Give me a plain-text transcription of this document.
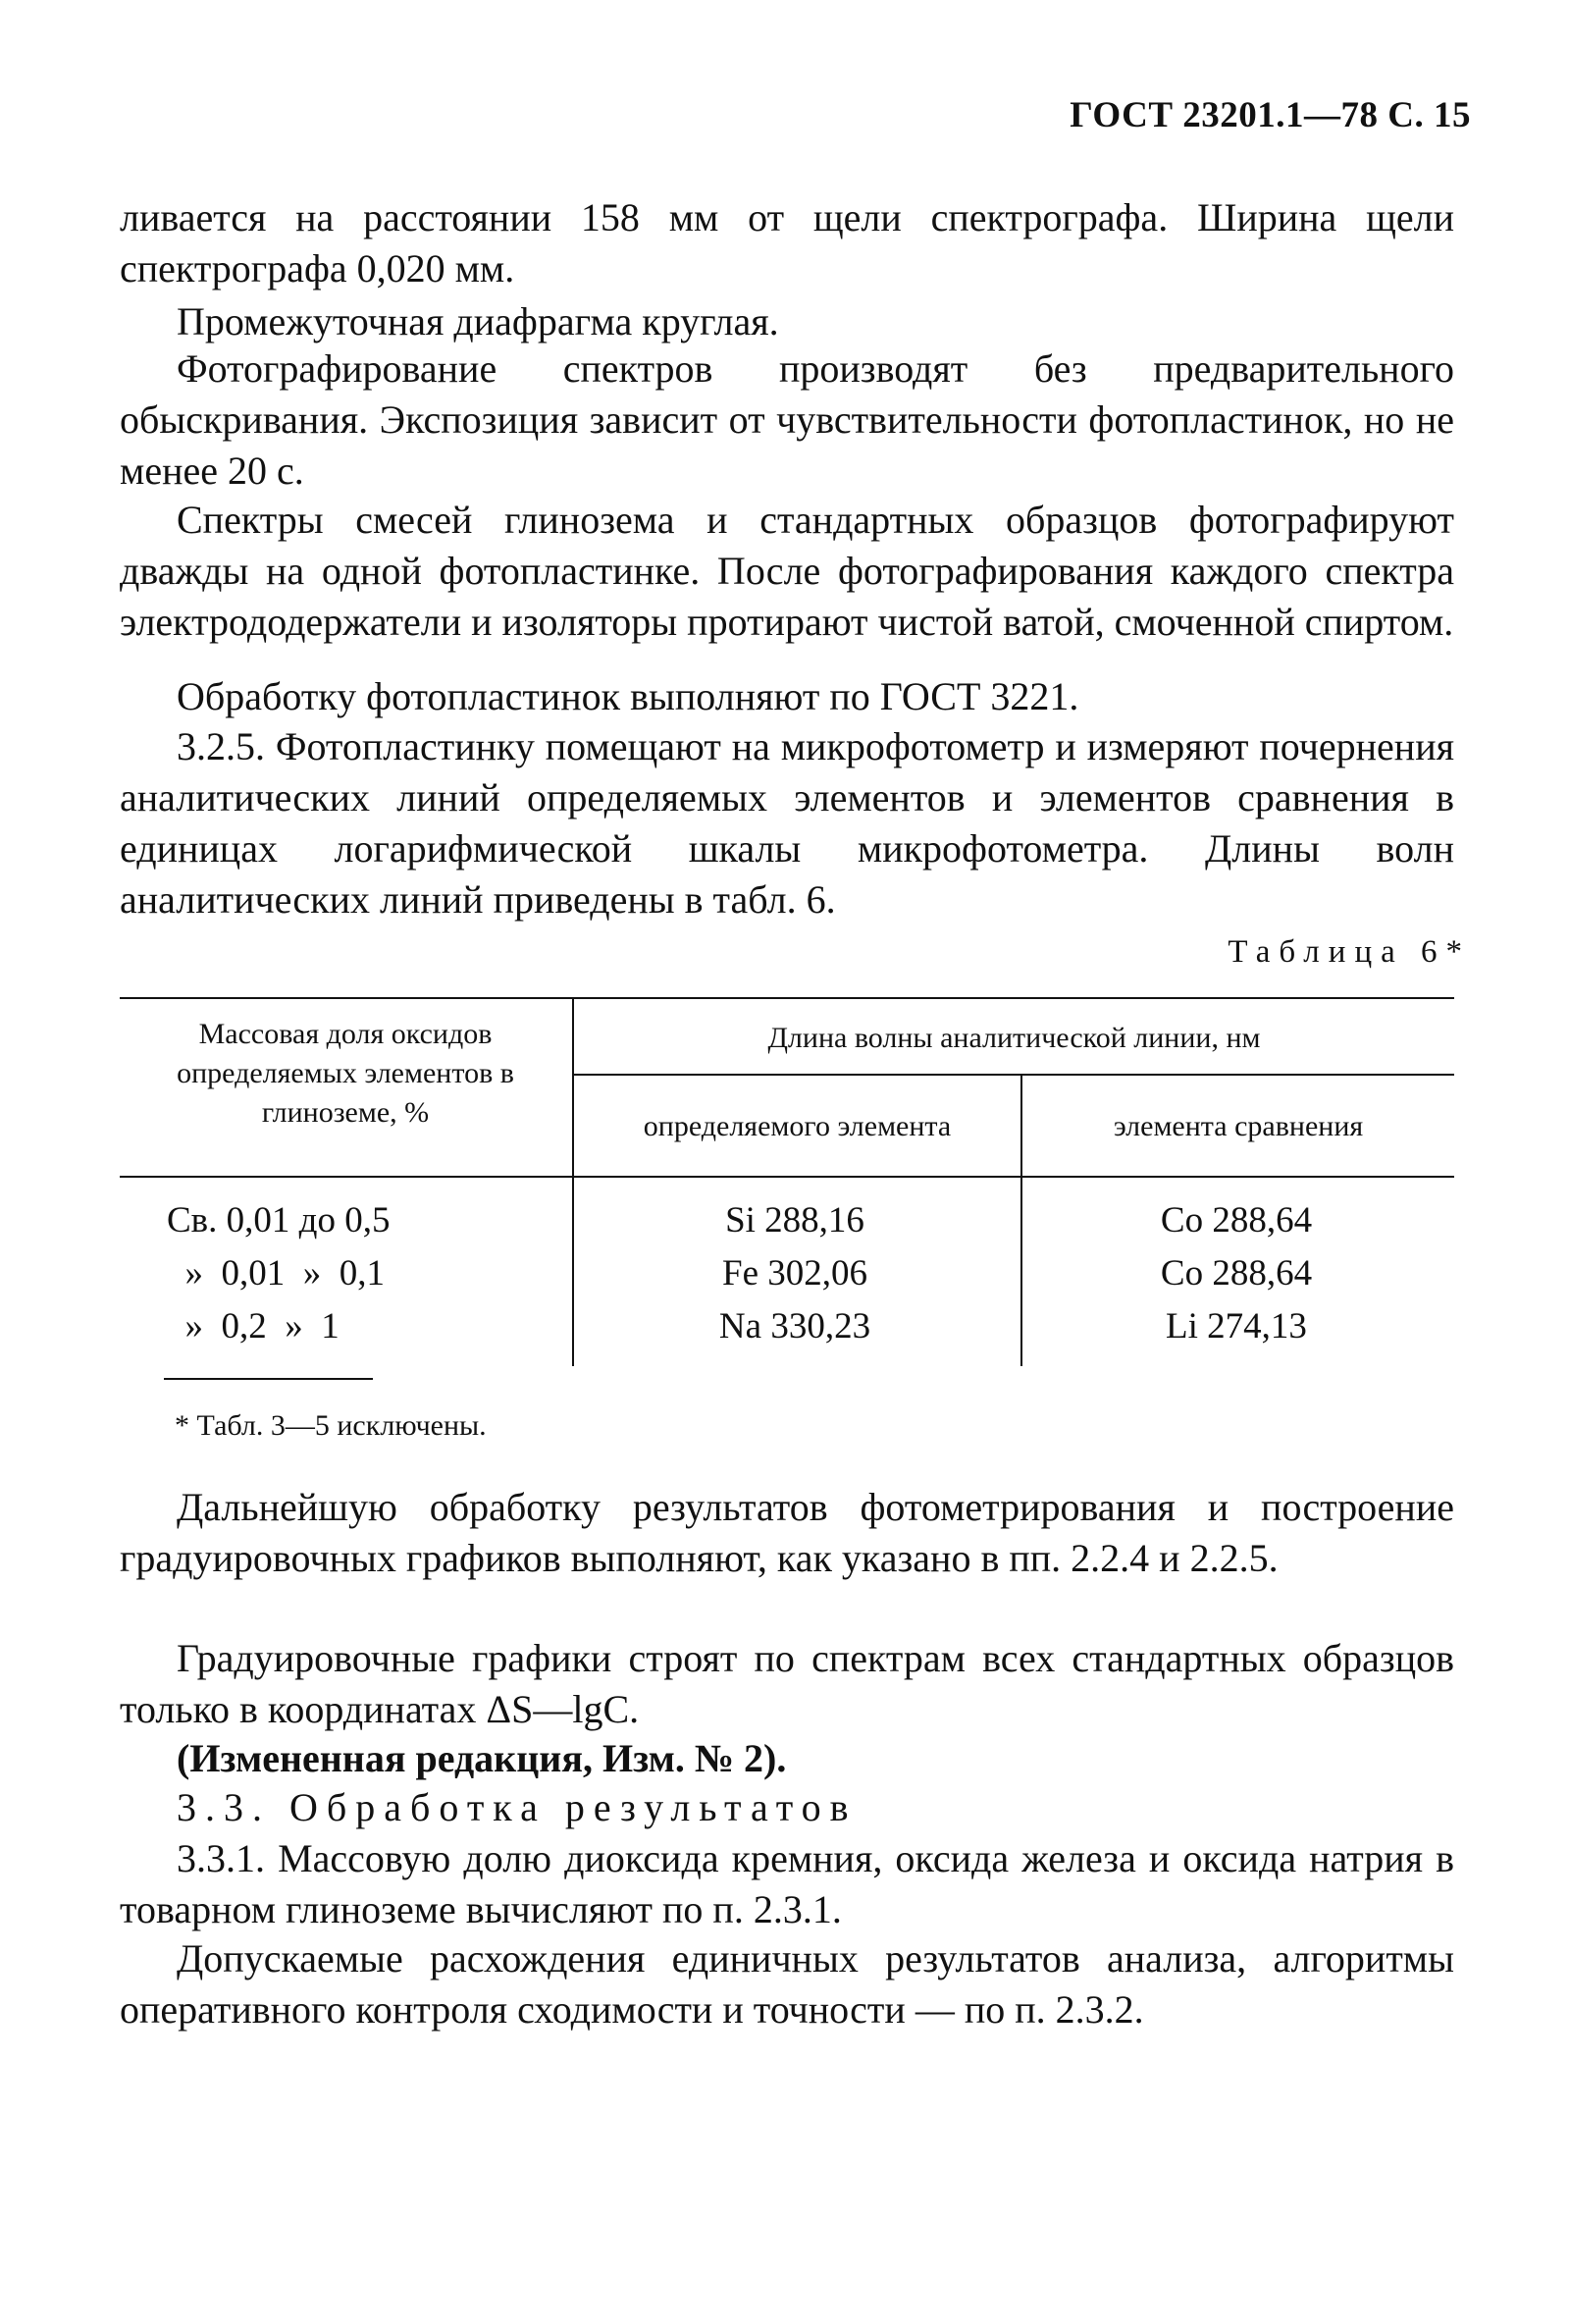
ГОСТ 23201.1—78 С. 15
ливается на расстоянии 158 мм от щели спектрографа. Ширина щели спектрографа 0,020 мм.
Промежуточная диафрагма круглая.
Фотографирование спектров производят без предварительного обыскривания. Экспозиция зависит от чувствительности фотопластинок, но не менее 20 с.
Спектры смесей глинозема и стандартных образцов фотографируют дважды на одной фотопластинке. После фотографирования каждого спектра электрододержатели и изоляторы протирают чистой ватой, смоченной спиртом.
Обработку фотопластинок выполняют по ГОСТ 3221.
3.2.5. Фотопластинку помещают на микрофотометр и измеряют почернения аналитических линий определяемых элементов и элементов сравнения в единицах логарифмической шкалы микрофотометра. Длины волн аналитических линий приведены в табл. 6.
Таблица 6*
Массовая доля оксидов определяемых элементов в глиноземе, %
Длина волны аналитической линии, нм
определяемого элемента	элемента сравнения
Св. 0,01 до 0,5	Si 288,16	Co 288,64
»  0,01  »  0,1	Fe 302,06	Co 288,64
»  0,2  »  1	Na 330,23	Li 274,13
* Табл. 3—5 исключены.
Дальнейшую обработку результатов фотометрирования и построение градуировочных графиков выполняют, как указано в пп. 2.2.4 и 2.2.5.
Градуировочные графики строят по спектрам всех стандартных образцов только в координатах ΔS—lgC.
(Измененная редакция, Изм. № 2).
3.3. Обработка результатов
3.3.1. Массовую долю диоксида кремния, оксида железа и оксида натрия в товарном глиноземе вычисляют по п. 2.3.1.
Допускаемые расхождения единичных результатов анализа, алгоритмы оперативного контроля сходимости и точности — по п. 2.3.2.
